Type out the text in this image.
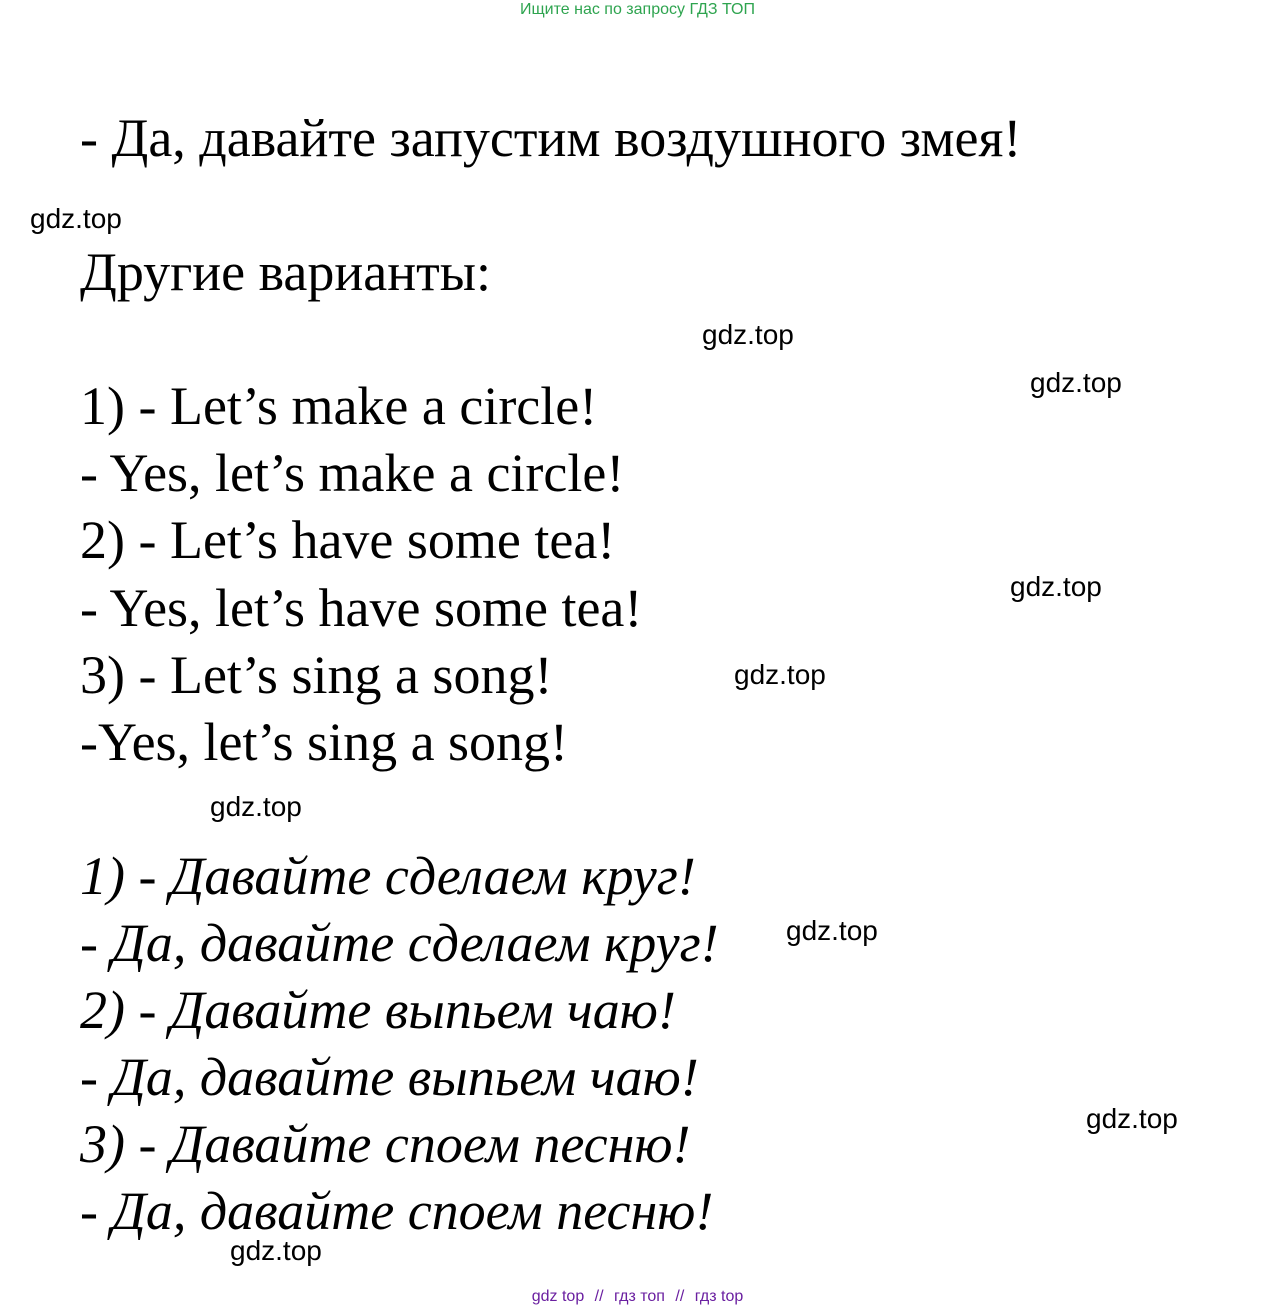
Ищите нас по запросу ГДЗ ТОП
- Да, давайте запустим воздушного змея!
Другие варианты:
1) - Let’s make a circle!
- Yes, let’s make a circle!
2) - Let’s have some tea!
- Yes, let’s have some tea!
3) - Let’s sing a song!
-Yes, let’s sing a song!
1) - Давайте сделаем круг!
- Да, давайте сделаем круг!
2) - Давайте выпьем чаю!
- Да, давайте выпьем чаю!
3) - Давайте споем песню!
- Да, давайте споем песню!
gdz.top
gdz.top
gdz.top
gdz.top
gdz.top
gdz.top
gdz.top
gdz.top
gdz.top
gdz top // гдз топ // гдз top
